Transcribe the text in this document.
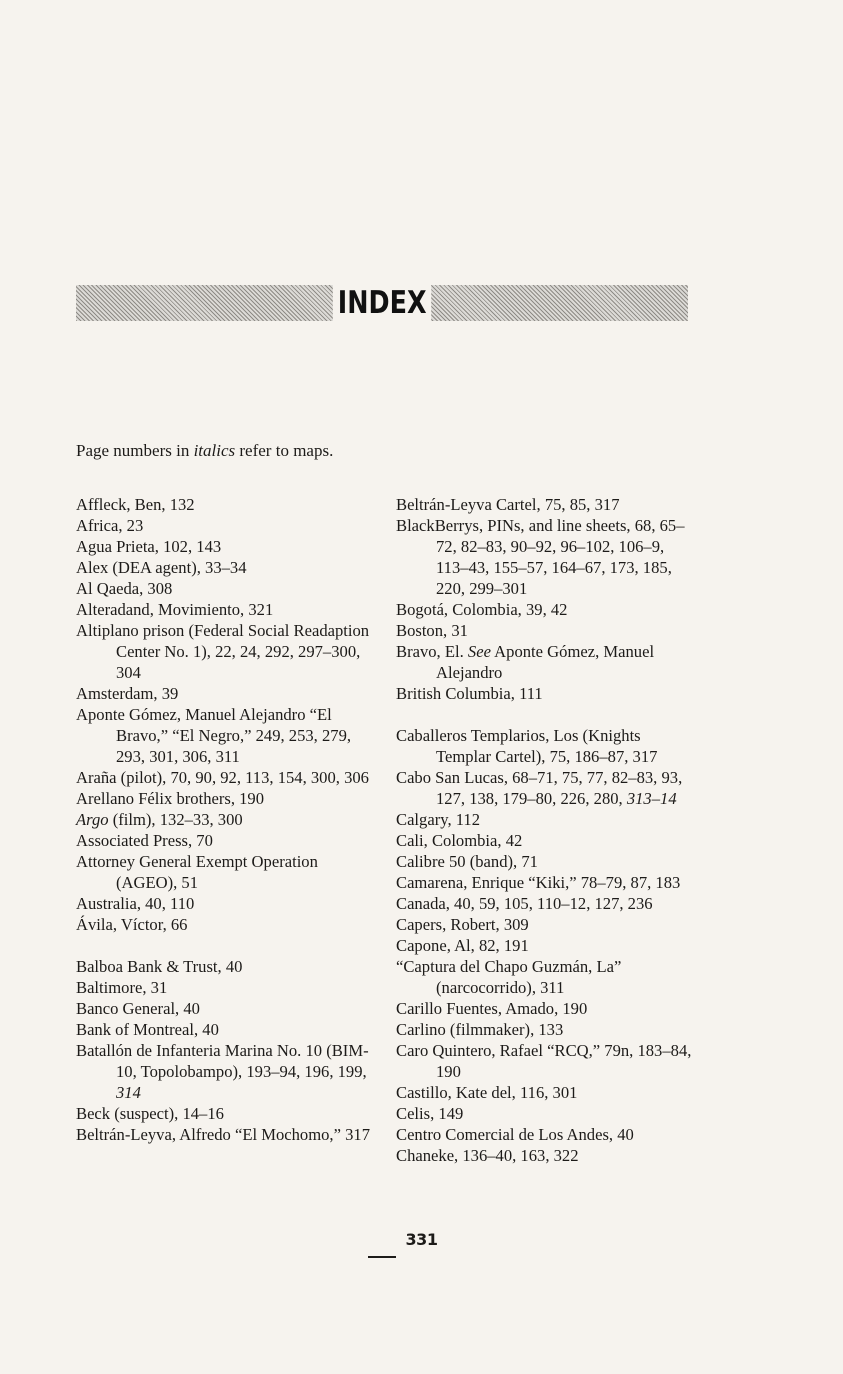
INDEX
Page numbers in italics refer to maps.
Affleck, Ben, 132
Africa, 23
Agua Prieta, 102, 143
Alex (DEA agent), 33–34
Al Qaeda, 308
Alteradand, Movimiento, 321
Altiplano prison (Federal Social Readaption Center No. 1), 22, 24, 292, 297–300, 304
Amsterdam, 39
Aponte Gómez, Manuel Alejandro “El Bravo,” “El Negro,” 249, 253, 279, 293, 301, 306, 311
Araña (pilot), 70, 90, 92, 113, 154, 300, 306
Arellano Félix brothers, 190
Argo (film), 132–33, 300
Associated Press, 70
Attorney General Exempt Operation (AGEO), 51
Australia, 40, 110
Ávila, Víctor, 66
Balboa Bank & Trust, 40
Baltimore, 31
Banco General, 40
Bank of Montreal, 40
Batallón de Infanteria Marina No. 10 (BIM-10, Topolobampo), 193–94, 196, 199, 314
Beck (suspect), 14–16
Beltrán-Leyva, Alfredo “El Mochomo,” 317
Beltrán-Leyva Cartel, 75, 85, 317
BlackBerrys, PINs, and line sheets, 68, 65–72, 82–83, 90–92, 96–102, 106–9, 113–43, 155–57, 164–67, 173, 185, 220, 299–301
Bogotá, Colombia, 39, 42
Boston, 31
Bravo, El. See Aponte Gómez, Manuel Alejandro
British Columbia, 111
Caballeros Templarios, Los (Knights Templar Cartel), 75, 186–87, 317
Cabo San Lucas, 68–71, 75, 77, 82–83, 93, 127, 138, 179–80, 226, 280, 313–14
Calgary, 112
Cali, Colombia, 42
Calibre 50 (band), 71
Camarena, Enrique “Kiki,” 78–79, 87, 183
Canada, 40, 59, 105, 110–12, 127, 236
Capers, Robert, 309
Capone, Al, 82, 191
“Captura del Chapo Guzmán, La” (narcocorrido), 311
Carillo Fuentes, Amado, 190
Carlino (filmmaker), 133
Caro Quintero, Rafael “RCQ,” 79n, 183–84, 190
Castillo, Kate del, 116, 301
Celis, 149
Centro Comercial de Los Andes, 40
Chaneke, 136–40, 163, 322
331
